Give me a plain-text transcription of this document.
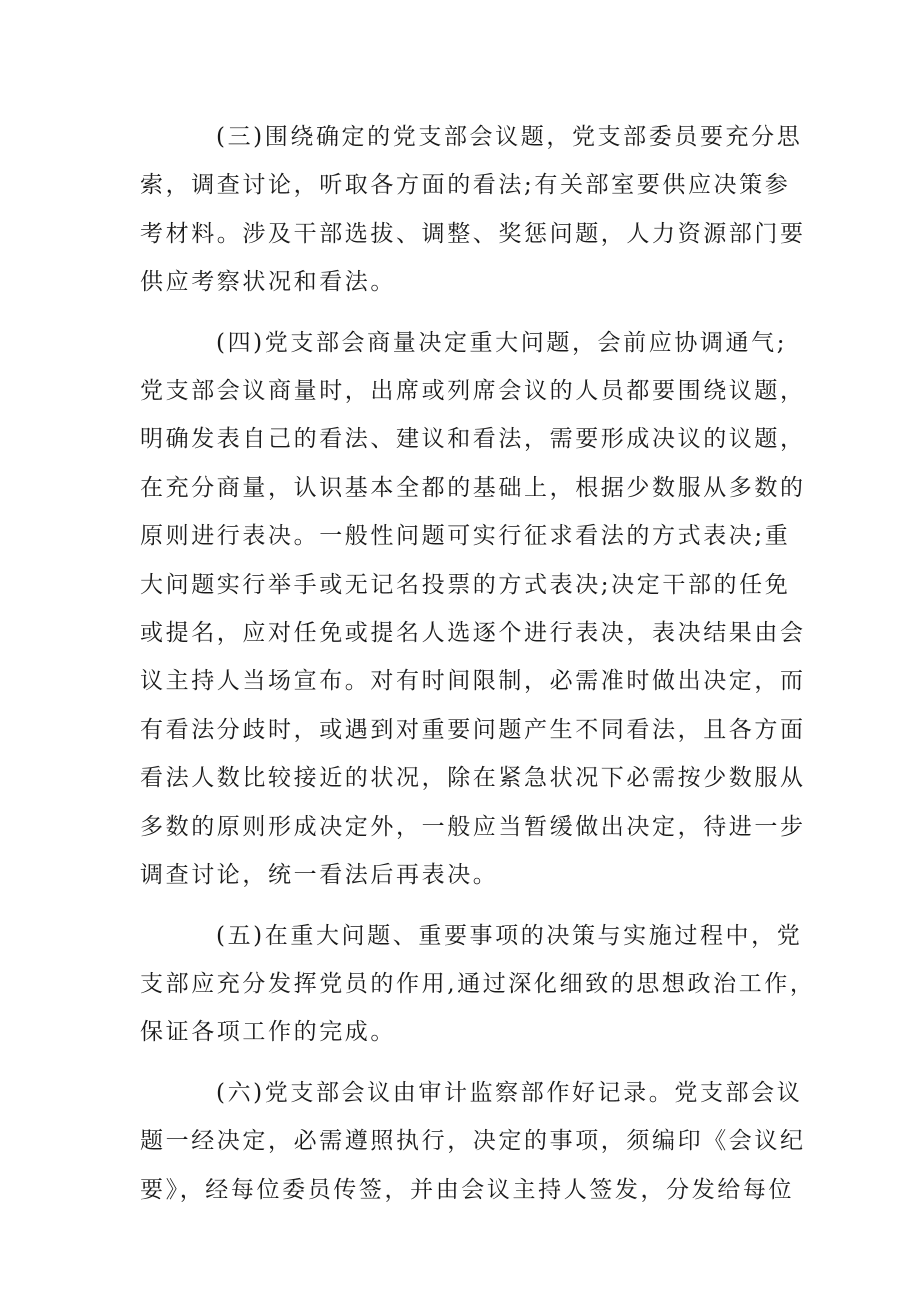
(三)围绕确定的党支部会议题，党支部委员要充分思
索，调查讨论，听取各方面的看法;有关部室要供应决策参
考材料。涉及干部选拔、调整、奖惩问题，人力资源部门要
供应考察状况和看法。
(四)党支部会商量决定重大问题，会前应协调通气;
党支部会议商量时，出席或列席会议的人员都要围绕议题，
明确发表自己的看法、建议和看法，需要形成决议的议题，
在充分商量，认识基本全都的基础上，根据少数服从多数的
原则进行表决。一般性问题可实行征求看法的方式表决;重
大问题实行举手或无记名投票的方式表决;决定干部的任免
或提名，应对任免或提名人选逐个进行表决，表决结果由会
议主持人当场宣布。对有时间限制，必需准时做出决定，而
有看法分歧时，或遇到对重要问题产生不同看法，且各方面
看法人数比较接近的状况，除在紧急状况下必需按少数服从
多数的原则形成决定外，一般应当暂缓做出决定，待进一步
调查讨论，统一看法后再表决。
(五)在重大问题、重要事项的决策与实施过程中，党
支部应充分发挥党员的作用,通过深化细致的思想政治工作，
保证各项工作的完成。
(六)党支部会议由审计监察部作好记录。党支部会议
题一经决定，必需遵照执行，决定的事项，须编印《会议纪
要》，经每位委员传签，并由会议主持人签发，分发给每位
